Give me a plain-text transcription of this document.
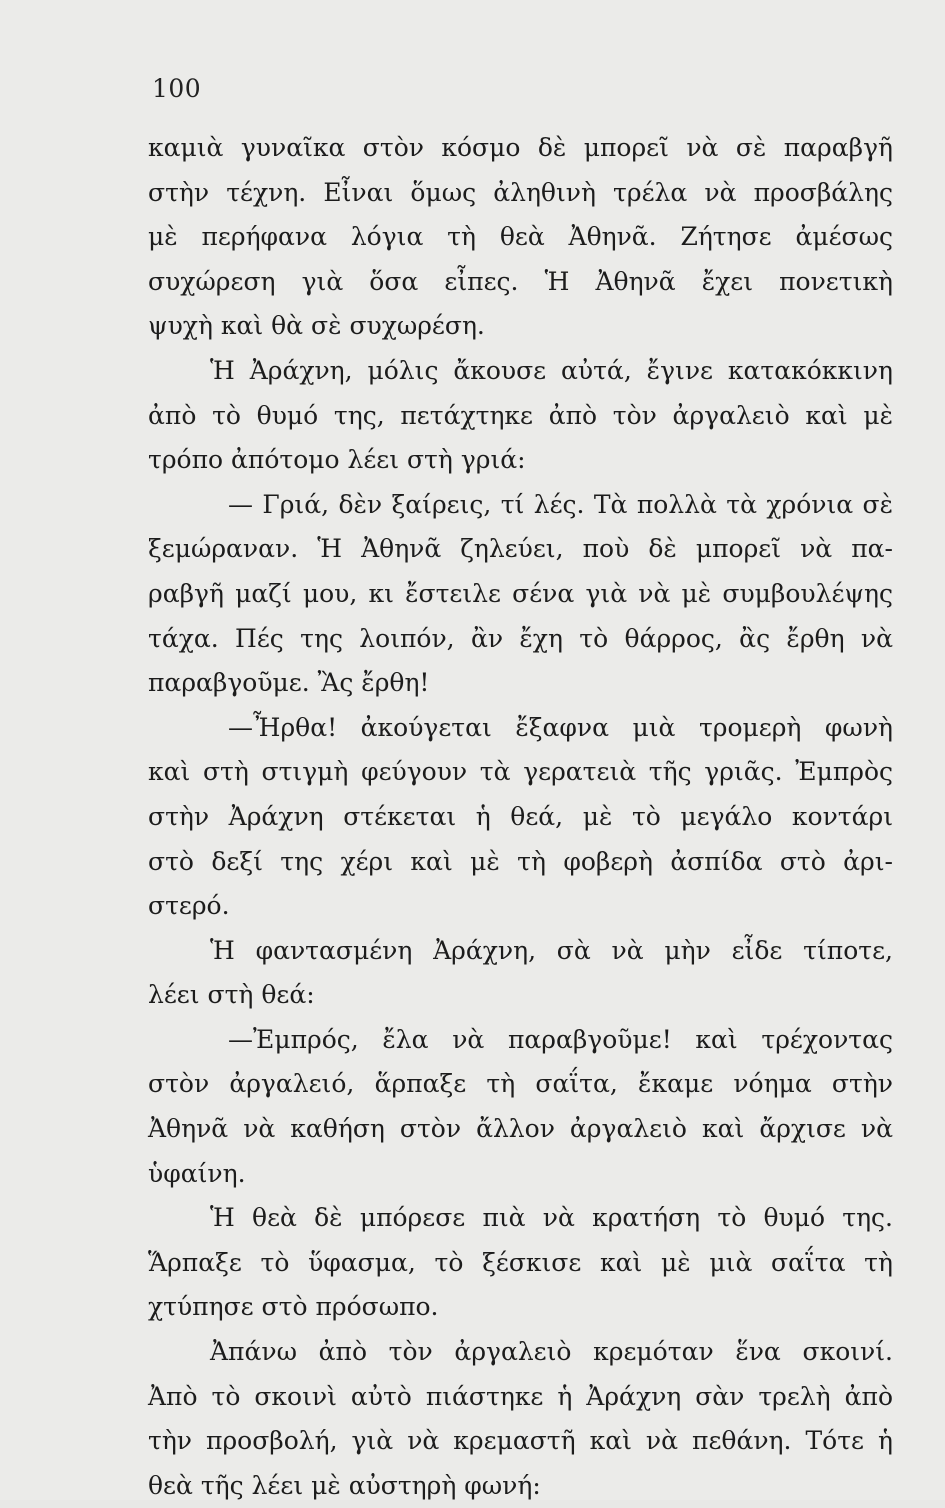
100
καμιὰ γυναῖκα στὸν κόσμο δὲ μπορεῖ νὰ σὲ παραβγῆ
στὴν τέχνη. Εἶναι ὅμως ἀληθινὴ τρέλα νὰ προσβάλης
μὲ περήφανα λόγια τὴ θεὰ Ἀθηνᾶ. Ζήτησε ἀμέσως
συχώρεση γιὰ ὅσα εἶπες. Ἡ Ἀθηνᾶ ἔχει πονετικὴ
ψυχὴ καὶ θὰ σὲ συχωρέση.
Ἡ Ἀράχνη, μόλις ἄκουσε αὐτά, ἔγινε κατακόκκινη
ἀπὸ τὸ θυμό της, πετάχτηκε ἀπὸ τὸν ἀργαλειὸ καὶ μὲ
τρόπο ἀπότομο λέει στὴ γριά:
— Γριά, δὲν ξαίρεις, τί λές. Τὰ πολλὰ τὰ χρόνια σὲ
ξεμώραναν. Ἡ Ἀθηνᾶ ζηλεύει, ποὺ δὲ μπορεῖ νὰ πα-
ραβγῆ μαζί μου, κι ἔστειλε σένα γιὰ νὰ μὲ συμβουλέψης
τάχα. Πές της λοιπόν, ἂν ἔχη τὸ θάρρος, ἂς ἔρθη νὰ
παραβγοῦμε. Ἂς ἔρθη!
—Ἦρθα! ἀκούγεται ἔξαφνα μιὰ τρομερὴ φωνὴ
καὶ στὴ στιγμὴ φεύγουν τὰ γερατειὰ τῆς γριᾶς. Ἐμπρὸς
στὴν Ἀράχνη στέκεται ἡ θεά, μὲ τὸ μεγάλο κοντάρι
στὸ δεξί της χέρι καὶ μὲ τὴ φοβερὴ ἀσπίδα στὸ ἀρι-
στερό.
Ἡ φαντασμένη Ἀράχνη, σὰ νὰ μὴν εἶδε τίποτε,
λέει στὴ θεά:
—Ἐμπρός, ἔλα νὰ παραβγοῦμε! καὶ τρέχοντας
στὸν ἀργαλειό, ἅρπαξε τὴ σαΐτα, ἔκαμε νόημα στὴν
Ἀθηνᾶ νὰ καθήση στὸν ἄλλον ἀργαλειὸ καὶ ἄρχισε νὰ
ὑφαίνη.
Ἡ θεὰ δὲ μπόρεσε πιὰ νὰ κρατήση τὸ θυμό της.
Ἅρπαξε τὸ ὕφασμα, τὸ ξέσκισε καὶ μὲ μιὰ σαΐτα τὴ
χτύπησε στὸ πρόσωπο.
Ἀπάνω ἀπὸ τὸν ἀργαλειὸ κρεμόταν ἕνα σκοινί.
Ἀπὸ τὸ σκοινὶ αὐτὸ πιάστηκε ἡ Ἀράχνη σὰν τρελὴ ἀπὸ
τὴν προσβολή, γιὰ νὰ κρεμαστῆ καὶ νὰ πεθάνη. Τότε ἡ
θεὰ τῆς λέει μὲ αὐστηρὴ φωνή:
